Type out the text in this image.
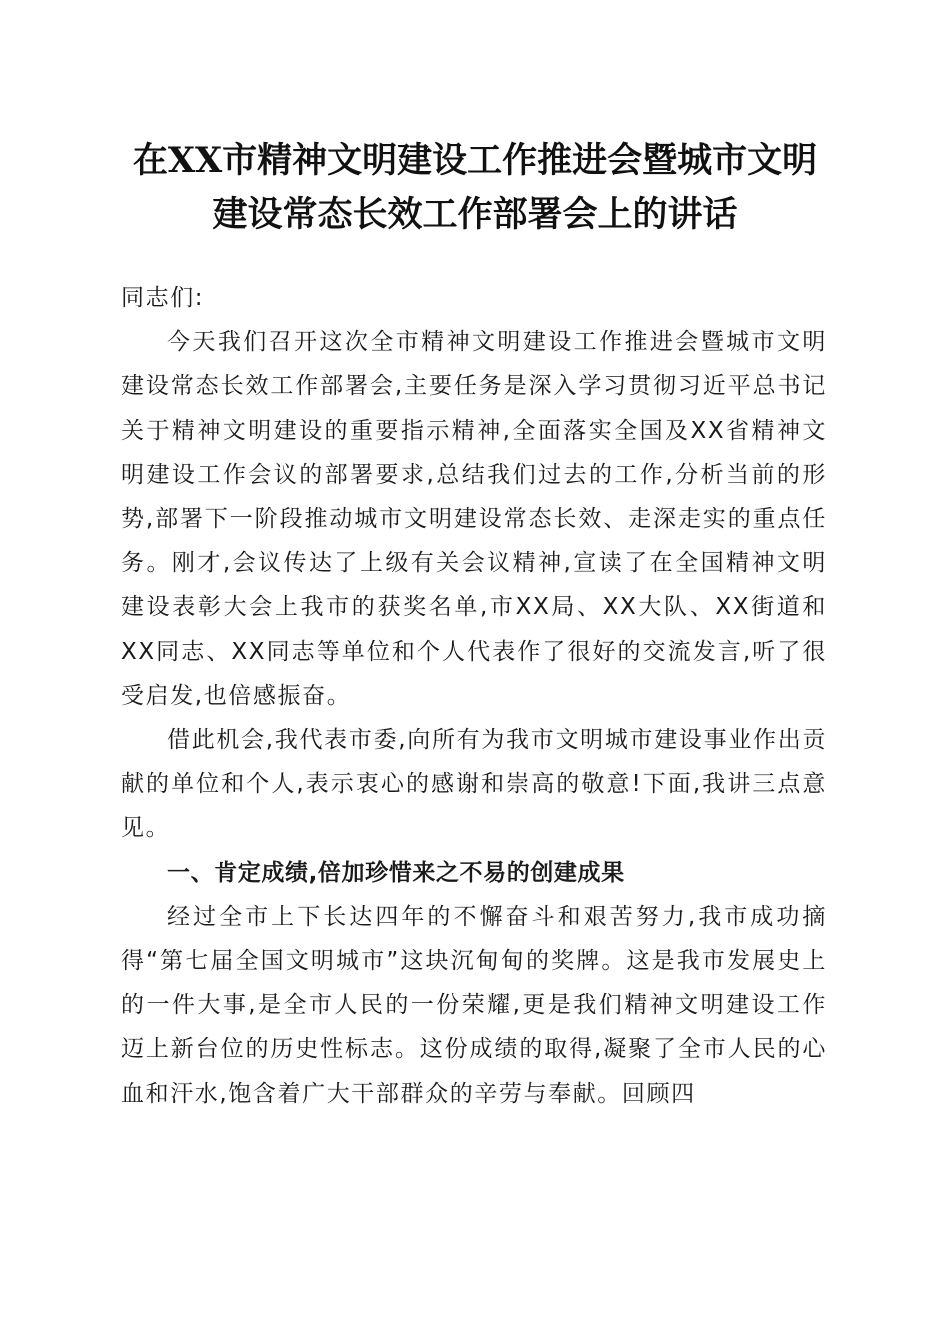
在XX市精神文明建设工作推进会暨城市文明
建设常态长效工作部署会上的讲话

同志们:

今天我们召开这次全市精神文明建设工作推进会暨城市文明建设常态长效工作部署会,主要任务是深入学习贯彻习近平总书记关于精神文明建设的重要指示精神,全面落实全国及XX省精神文明建设工作会议的部署要求,总结我们过去的工作,分析当前的形势,部署下一阶段推动城市文明建设常态长效、走深走实的重点任务。刚才,会议传达了上级有关会议精神,宣读了在全国精神文明建设表彰大会上我市的获奖名单,市XX局、XX大队、XX街道和XX同志、XX同志等单位和个人代表作了很好的交流发言,听了很受启发,也倍感振奋。

借此机会,我代表市委,向所有为我市文明城市建设事业作出贡献的单位和个人,表示衷心的感谢和崇高的敬意!下面,我讲三点意见。

一、肯定成绩,倍加珍惜来之不易的创建成果

经过全市上下长达四年的不懈奋斗和艰苦努力,我市成功摘得“第七届全国文明城市”这块沉甸甸的奖牌。这是我市发展史上的一件大事,是全市人民的一份荣耀,更是我们精神文明建设工作迈上新台位的历史性标志。这份成绩的取得,凝聚了全市人民的心血和汗水,饱含着广大干部群众的辛劳与奉献。回顾四
